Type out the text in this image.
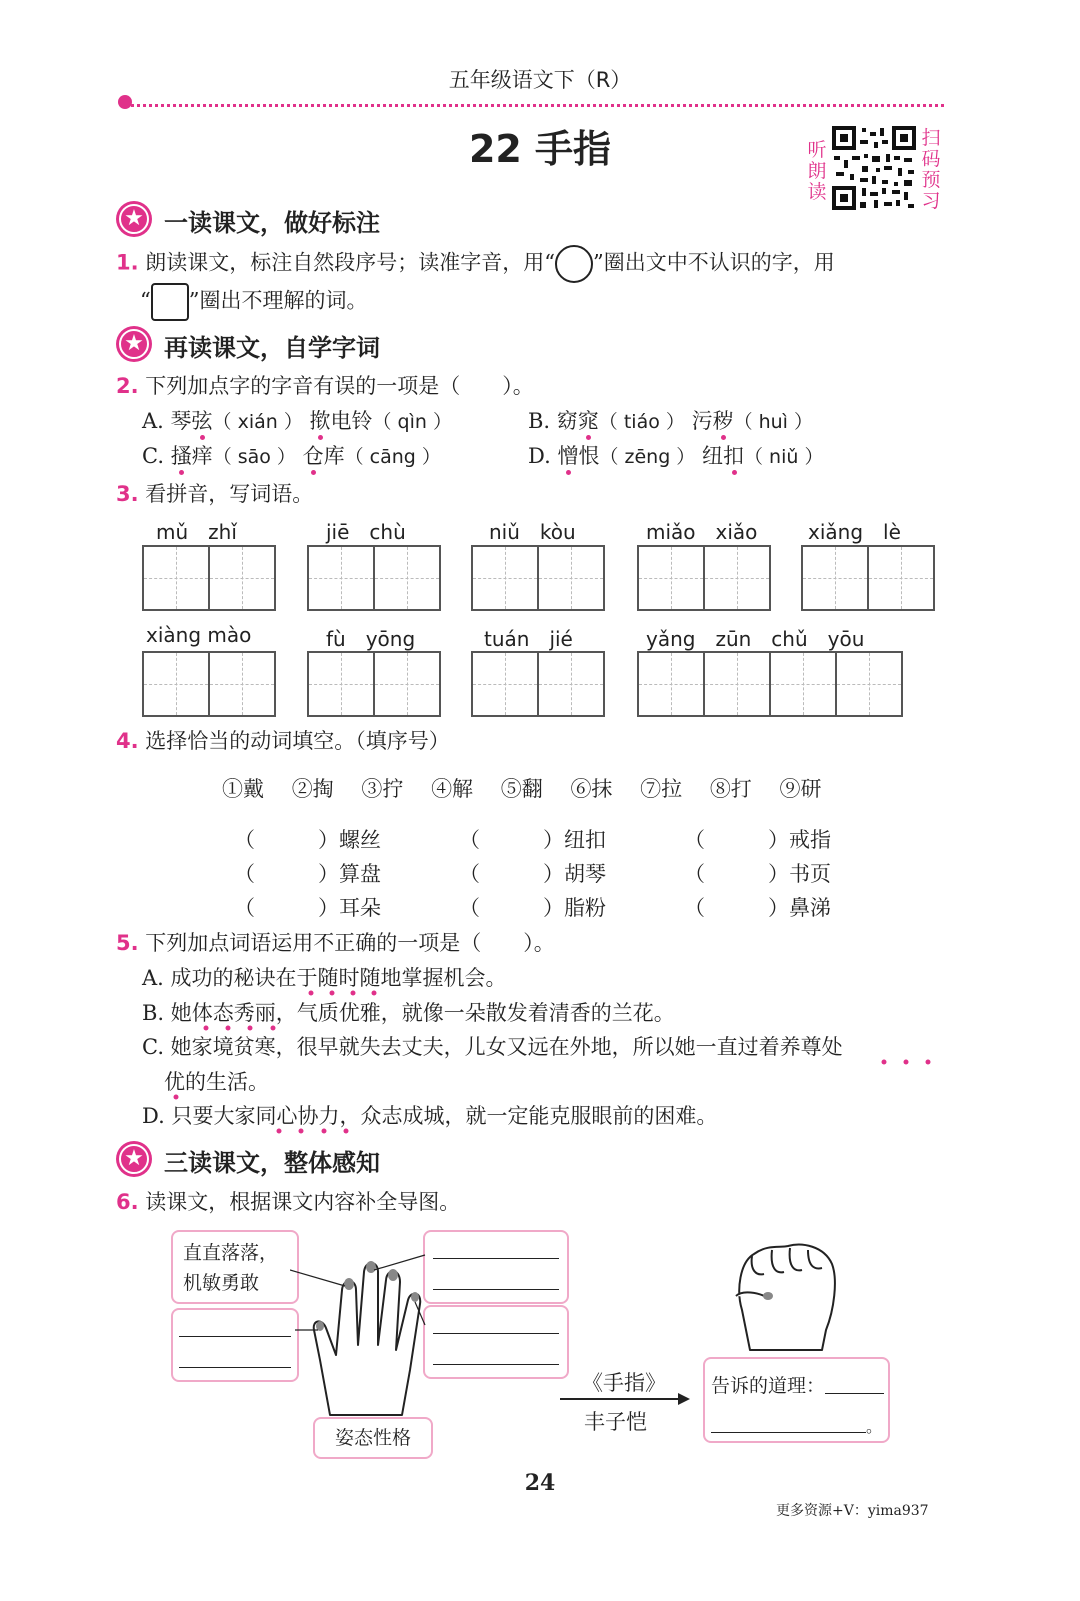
五年级语文下（R）
22 手指	听朗读
扫码预习
★ 一读课文，做好标注
1. 朗读课文，标注自然段序号；读准字音，用“○”圈出文中不认识的字，用
“ ”圈出不理解的词。
★ 再读课文，自学字词
2. 下列加点字的字音有误的一项是（　　）。
A. 琴弦（ xián ） 揿电铃（ qìn ）	B. 窈窕（ tiáo ） 污秽（ huì ）
C. 搔痒（ sāo ） 仓库（ cāng ）	D. 憎恨（ zēng ） 纽扣（ niǔ ）
3. 看拼音，写词语。
mǔ　zhǐ	jiē　chù	niǔ　kòu	miǎo　xiǎo	xiǎng　lè
xiàng mào	fù　yōng	tuán　jié	yǎng　zūn　chǔ　yōu
4. 选择恰当的动词填空。（填序号）
①戴　 ②掏　 ③拧　 ④解　 ⑤翻　 ⑥抹　 ⑦拉　 ⑧打　 ⑨研
（　　　）螺丝	（　　　）纽扣	（　　　）戒指
（　　　）算盘	（　　　）胡琴	（　　　）书页
（　　　）耳朵	（　　　）脂粉	（　　　）鼻涕
5. 下列加点词语运用不正确的一项是（　　）。
A. 成功的秘诀在于随时随地掌握机会。
B. 她体态秀丽，气质优雅，就像一朵散发着清香的兰花。
C. 她家境贫寒，很早就失去丈夫，儿女又远在外地，所以她一直过着养尊处
优的生活。
D. 只要大家同心协力，众志成城，就一定能克服眼前的困难。
★ 三读课文，整体感知
6. 读课文，根据课文内容补全导图。
直直落落，机敏勇敢
姿态性格
《手指》
丰子恺
告诉的道理：
。
24
更多资源+V：yima937
